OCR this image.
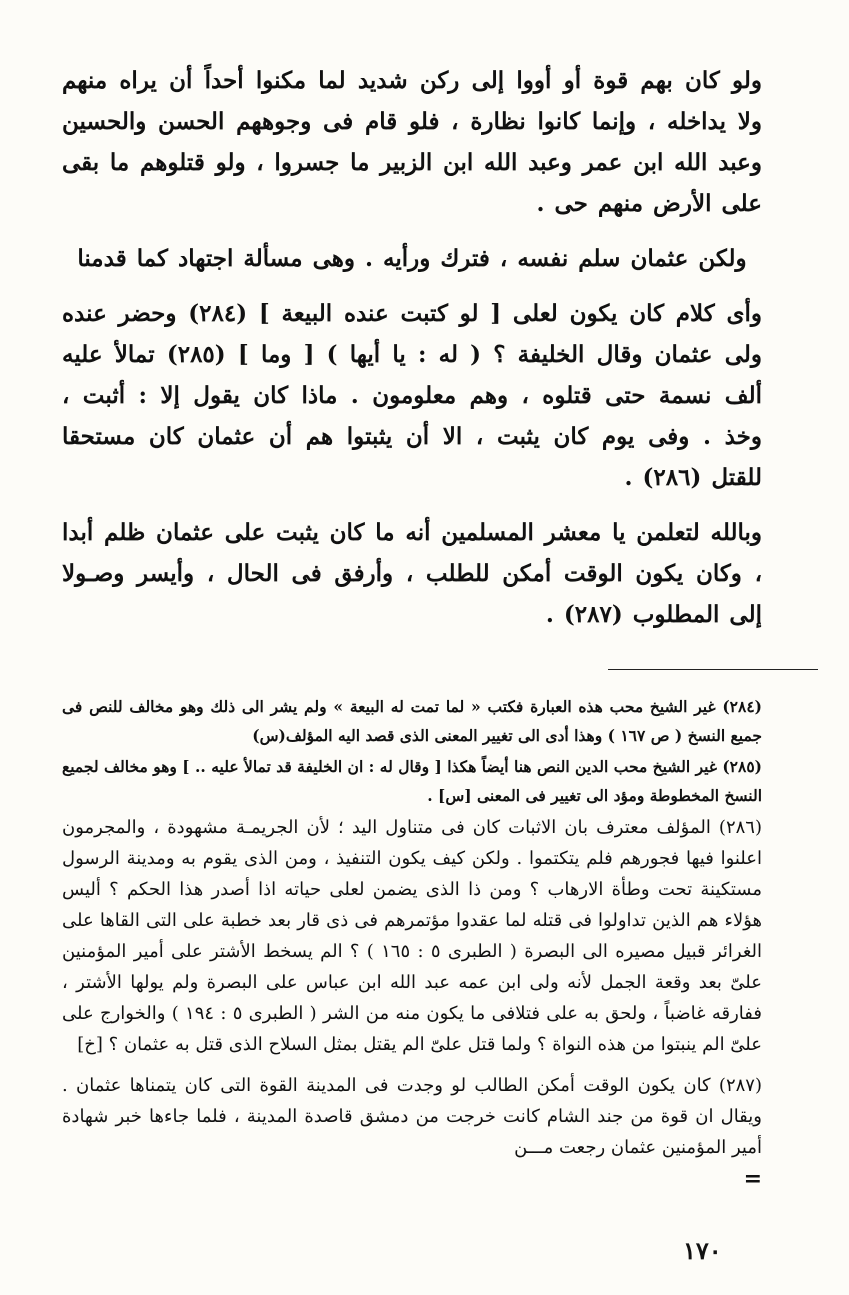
ولو كان بهم قوة أو أووا إلى ركن شديد لما مكنوا أحداً أن يراه منهم ولا يداخله ، وإنما كانوا نظارة ، فلو قام فى وجوههم الحسن والحسين وعبد الله ابن عمر وعبد الله ابن الزبير ما جسروا ، ولو قتلوهم ما بقى على الأرض منهم حى .

ولكن عثمان سلم نفسه ، فترك ورأيه . وهى مسألة اجتهاد كما قدمنا

وأى كلام كان يكون لعلى [ لو كتبت عنده البيعة ] (٢٨٤) وحضر عنده ولى عثمان وقال الخليفة ؟ ( له : يا أيها ) [ وما ] (٢٨٥) تمالأ عليه ألف نسمة حتى قتلوه ، وهم معلومون . ماذا كان يقول إلا : أثبت ، وخذ . وفى يوم كان يثبت ، الا أن يثبتوا هم أن عثمان كان مستحقا للقتل (٢٨٦) .

وبالله لتعلمن يا معشر المسلمين أنه ما كان يثبت على عثمان ظلم أبدا ، وكان يكون الوقت أمكن للطلب ، وأرفق فى الحال ، وأيسر وصـولا إلى المطلوب (٢٨٧) .

(٢٨٤) غير الشيخ محب هذه العبارة فكتب « لما تمت له البيعة » ولم يشر الى ذلك وهو مخالف للنص فى جميع النسخ ( ص ١٦٧ ) وهذا أدى الى تغيير المعنى الذى قصد اليه المؤلف(س)

(٢٨٥) غير الشيخ محب الدين النص هنا أيضاً هكذا [ وقال له : ان الخليفة قد تمالأ عليه .. ] وهو مخالف لجميع النسخ المخطوطة ومؤد الى تغيير فى المعنى [س] .

(٢٨٦) المؤلف معترف بان الاثبات كان فى متناول اليد ؛ لأن الجريمـة مشهودة ، والمجرمون اعلنوا فيها فجورهم فلم يتكتموا . ولكن كيف يكون التنفيذ ، ومن الذى يقوم به ومدينة الرسول مستكينة تحت وطأة الارهاب ؟ ومن ذا الذى يضمن لعلى حياته اذا أصدر هذا الحكم ؟ أليس هؤلاء هم الذين تداولوا فى قتله لما عقدوا مؤتمرهم فى ذى قار بعد خطبة على التى القاها على الغرائر قبيل مصيره الى البصرة ( الطبرى ٥ : ١٦٥ ) ؟ الم يسخط الأشتر على أمير المؤمنين علىّ بعد وقعة الجمل لأنه ولى ابن عمه عبد الله ابن عباس على البصرة ولم يولها الأشتر ، ففارقه غاضباً ، ولحق به على فتلافى ما يكون منه من الشر ( الطبرى ٥ : ١٩٤ ) والخوارج على علىّ الم ينبتوا من هذه النواة ؟ ولما قتل علىّ الم يقتل بمثل السلاح الذى قتل به عثمان ؟ [خ]

(٢٨٧) كان يكون الوقت أمكن الطالب لو وجدت فى المدينة القوة التى كان يتمناها عثمان . ويقال ان قوة من جند الشام كانت خرجت من دمشق قاصدة المدينة ، فلما جاءها خبر شهادة أمير المؤمنين عثمان رجعت مـــن

=
١٧٠
